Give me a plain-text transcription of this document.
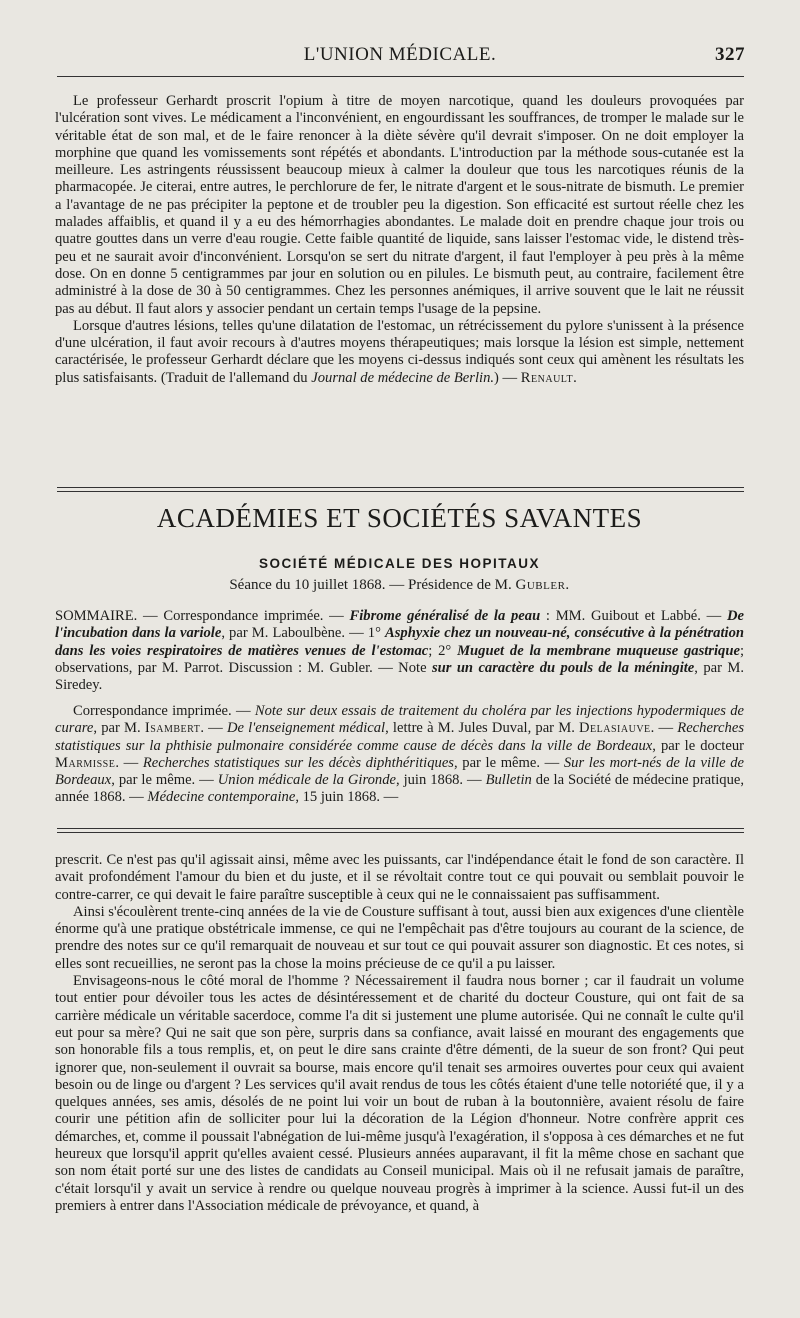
L'UNION MÉDICALE.	327

Le professeur Gerhardt proscrit l'opium à titre de moyen narcotique, quand les douleurs provoquées par l'ulcération sont vives. Le médicament a l'inconvénient, en engourdissant les souffrances, de tromper le malade sur le véritable état de son mal, et de le faire renoncer à la diète sévère qu'il devrait s'imposer. On ne doit employer la morphine que quand les vomissements sont répétés et abondants. L'introduction par la méthode sous-cutanée est la meilleure. Les astringents réussissent beaucoup mieux à calmer la douleur que tous les narcotiques réunis de la pharmacopée. Je citerai, entre autres, le perchlorure de fer, le nitrate d'argent et le sous-nitrate de bismuth. Le premier a l'avantage de ne pas précipiter la peptone et de troubler peu la digestion. Son efficacité est surtout réelle chez les malades affaiblis, et quand il y a eu des hémorrhagies abondantes. Le malade doit en prendre chaque jour trois ou quatre gouttes dans un verre d'eau rougie. Cette faible quantité de liquide, sans laisser l'estomac vide, le distend très-peu et ne saurait avoir d'inconvénient. Lorsqu'on se sert du nitrate d'argent, il faut l'employer à peu près à la même dose. On en donne 5 centigrammes par jour en solution ou en pilules. Le bismuth peut, au contraire, facilement être administré à la dose de 30 à 50 centigrammes. Chez les personnes anémiques, il arrive souvent que le lait ne réussit pas au début. Il faut alors y associer pendant un certain temps l'usage de la pepsine.

Lorsque d'autres lésions, telles qu'une dilatation de l'estomac, un rétrécissement du pylore s'unissent à la présence d'une ulcération, il faut avoir recours à d'autres moyens thérapeutiques; mais lorsque la lésion est simple, nettement caractérisée, le professeur Gerhardt déclare que les moyens ci-dessus indiqués sont ceux qui amènent les résultats les plus satisfaisants. (Traduit de l'allemand du Journal de médecine de Berlin.) — Renault.

ACADÉMIES ET SOCIÉTÉS SAVANTES
SOCIÉTÉ MÉDICALE DES HOPITAUX
Séance du 10 juillet 1868. — Présidence de M. Gubler.

SOMMAIRE. — Correspondance imprimée. — Fibrome généralisé de la peau : MM. Guibout et Labbé. — De l'incubation dans la variole, par M. Laboulbène. — 1° Asphyxie chez un nouveau-né, consécutive à la pénétration dans les voies respiratoires de matières venues de l'estomac; 2° Muguet de la membrane muqueuse gastrique; observations, par M. Parrot. Discussion : M. Gubler. — Note sur un caractère du pouls de la méningite, par M. Siredey.

Correspondance imprimée. — Note sur deux essais de traitement du choléra par les injections hypodermiques de curare, par M. Isambert. — De l'enseignement médical, lettre à M. Jules Duval, par M. Delasiauve. — Recherches statistiques sur la phthisie pulmonaire considérée comme cause de décès dans la ville de Bordeaux, par le docteur Marmisse. — Recherches statistiques sur les décès diphthéritiques, par le même. — Sur les mort-nés de la ville de Bordeaux, par le même. — Union médicale de la Gironde, juin 1868. — Bulletin de la Société de médecine pratique, année 1868. — Médecine contemporaine, 15 juin 1868. —

prescrit. Ce n'est pas qu'il agissait ainsi, même avec les puissants, car l'indépendance était le fond de son caractère. Il avait profondément l'amour du bien et du juste, et il se révoltait contre tout ce qui pouvait ou semblait pouvoir le contre-carrer, ce qui devait le faire paraître susceptible à ceux qui ne le connaissaient pas suffisamment.

Ainsi s'écoulèrent trente-cinq années de la vie de Cousture suffisant à tout, aussi bien aux exigences d'une clientèle énorme qu'à une pratique obstétricale immense, ce qui ne l'empêchait pas d'être toujours au courant de la science, de prendre des notes sur ce qu'il remarquait de nouveau et sur tout ce qui pouvait assurer son diagnostic. Et ces notes, si elles sont recueillies, ne seront pas la chose la moins précieuse de ce qu'il a pu laisser.

Envisageons-nous le côté moral de l'homme ? Nécessairement il faudra nous borner ; car il faudrait un volume tout entier pour dévoiler tous les actes de désintéressement et de charité du docteur Cousture, qui ont fait de sa carrière médicale un véritable sacerdoce, comme l'a dit si justement une plume autorisée. Qui ne connaît le culte qu'il eut pour sa mère? Qui ne sait que son père, surpris dans sa confiance, avait laissé en mourant des engagements que son honorable fils a tous remplis, et, on peut le dire sans crainte d'être démenti, de la sueur de son front? Qui peut ignorer que, non-seulement il ouvrait sa bourse, mais encore qu'il tenait ses armoires ouvertes pour ceux qui avaient besoin ou de linge ou d'argent ? Les services qu'il avait rendus de tous les côtés étaient d'une telle notoriété que, il y a quelques années, ses amis, désolés de ne point lui voir un bout de ruban à la boutonnière, avaient résolu de faire courir une pétition afin de solliciter pour lui la décoration de la Légion d'honneur. Notre confrère apprit ces démarches, et, comme il poussait l'abnégation de lui-même jusqu'à l'exagération, il s'opposa à ces démarches et ne fut heureux que lorsqu'il apprit qu'elles avaient cessé. Plusieurs années auparavant, il fit la même chose en sachant que son nom était porté sur une des listes de candidats au Conseil municipal. Mais où il ne refusait jamais de paraître, c'était lorsqu'il y avait un service à rendre ou quelque nouveau progrès à imprimer à la science. Aussi fut-il un des premiers à entrer dans l'Association médicale de prévoyance, et quand, à
